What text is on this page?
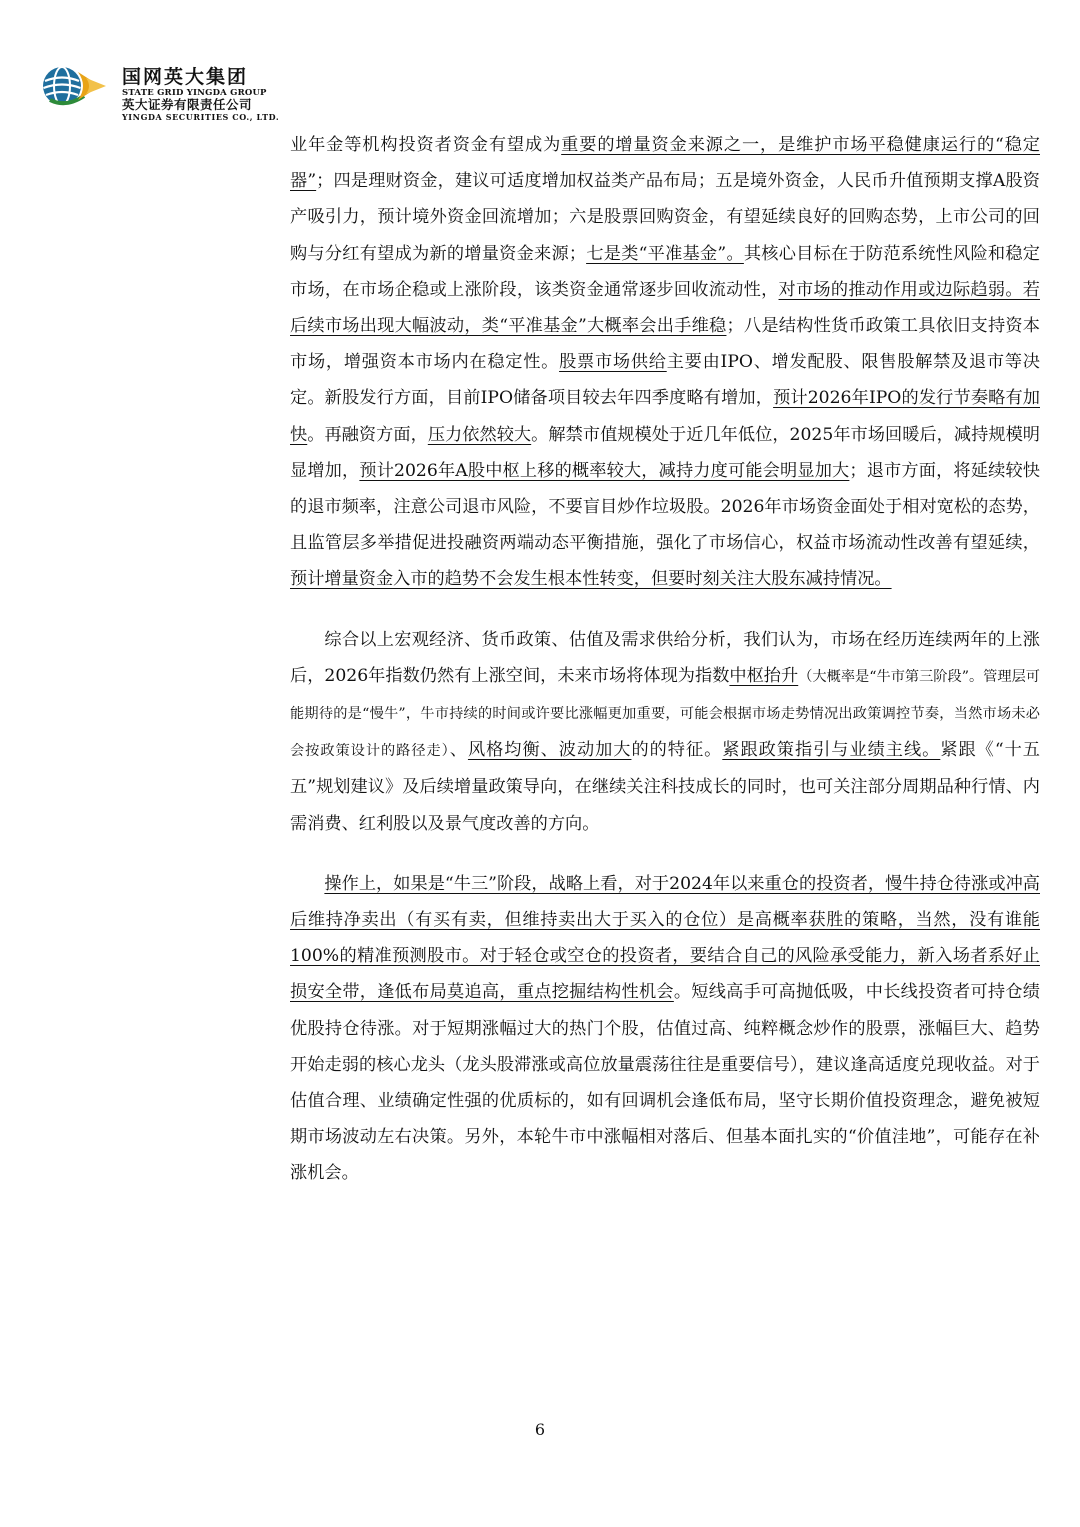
国网英大集团
STATE GRID YINGDA GROUP
英大证券有限责任公司
YINGDA SECURITIES CO., LTD.

业年金等机构投资者资金有望成为重要的增量资金来源之一，是维护市场平稳健康运行的“稳定器”；四是理财资金，建议可适度增加权益类产品布局；五是境外资金，人民币升值预期支撑A股资产吸引力，预计境外资金回流增加；六是股票回购资金，有望延续良好的回购态势，上市公司的回购与分红有望成为新的增量资金来源；七是类“平准基金”。其核心目标在于防范系统性风险和稳定市场，在市场企稳或上涨阶段，该类资金通常逐步回收流动性，对市场的推动作用或边际趋弱。若后续市场出现大幅波动，类“平准基金”大概率会出手维稳；八是结构性货币政策工具依旧支持资本市场，增强资本市场内在稳定性。股票市场供给主要由IPO、增发配股、限售股解禁及退市等决定。新股发行方面，目前IPO储备项目较去年四季度略有增加，预计2026年IPO的发行节奏略有加快。再融资方面，压力依然较大。解禁市值规模处于近几年低位，2025年市场回暖后，减持规模明显增加，预计2026年A股中枢上移的概率较大，减持力度可能会明显加大；退市方面，将延续较快的退市频率，注意公司退市风险，不要盲目炒作垃圾股。2026年市场资金面处于相对宽松的态势，且监管层多举措促进投融资两端动态平衡措施，强化了市场信心，权益市场流动性改善有望延续，预计增量资金入市的趋势不会发生根本性转变，但要时刻关注大股东减持情况。

综合以上宏观经济、货币政策、估值及需求供给分析，我们认为，市场在经历连续两年的上涨后，2026年指数仍然有上涨空间，未来市场将体现为指数中枢抬升（大概率是“牛市第三阶段”。管理层可能期待的是“慢牛”，牛市持续的时间或许要比涨幅更加重要，可能会根据市场走势情况出政策调控节奏，当然市场未必会按政策设计的路径走）、风格均衡、波动加大的的特征。紧跟政策指引与业绩主线。紧跟《“十五五”规划建议》及后续增量政策导向，在继续关注科技成长的同时，也可关注部分周期品种行情、内需消费、红利股以及景气度改善的方向。

操作上，如果是“牛三”阶段，战略上看，对于2024年以来重仓的投资者，慢牛持仓待涨或冲高后维持净卖出（有买有卖，但维持卖出大于买入的仓位）是高概率获胜的策略，当然，没有谁能100%的精准预测股市。对于轻仓或空仓的投资者，要结合自己的风险承受能力，新入场者系好止损安全带，逢低布局莫追高，重点挖掘结构性机会。短线高手可高抛低吸，中长线投资者可持仓绩优股持仓待涨。对于短期涨幅过大的热门个股，估值过高、纯粹概念炒作的股票，涨幅巨大、趋势开始走弱的核心龙头（龙头股滞涨或高位放量震荡往往是重要信号），建议逢高适度兑现收益。对于估值合理、业绩确定性强的优质标的，如有回调机会逢低布局，坚守长期价值投资理念，避免被短期市场波动左右决策。另外，本轮牛市中涨幅相对落后、但基本面扎实的“价值洼地”，可能存在补涨机会。

6
